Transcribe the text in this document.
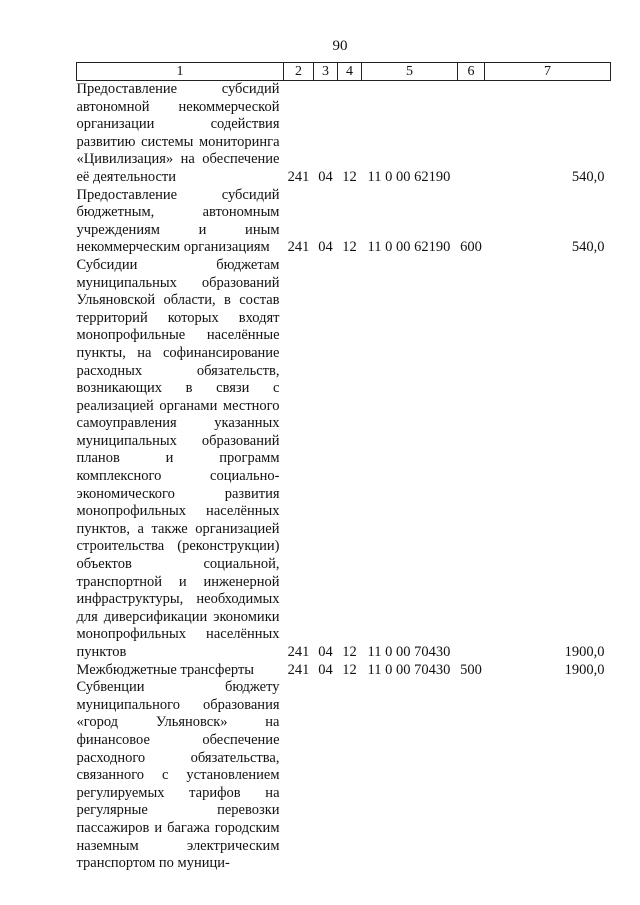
90
1	2	3	4	5	6	7
Предоставление субсидий автономной некоммерческой организации содействия развитию системы мониторинга «Цивилизация» на обеспечение её деятельности	241	04	12	11 0 00 62190		540,0
Предоставление субсидий бюджетным, автономным учреждениям и иным некоммерческим организациям	241	04	12	11 0 00 62190	600	540,0
Субсидии бюджетам муниципальных образований Ульяновской области, в состав территорий которых входят монопрофильные населённые пункты, на софинансирование расходных обязательств, возникающих в связи с реализацией органами местного самоуправления указанных муниципальных образований планов и программ комплексного социально-экономического развития монопрофильных населённых пунктов, а также организацией строительства (реконструкции) объектов социальной, транспортной и инженерной инфраструктуры, необходимых для диверсификации экономики монопрофильных населённых пунктов	241	04	12	11 0 00 70430		1900,0
Межбюджетные трансферты	241	04	12	11 0 00 70430	500	1900,0
Субвенции бюджету муниципального образования «город Ульяновск» на финансовое обеспечение расходного обязательства, связанного с установлением регулируемых тарифов на регулярные перевозки пассажиров и багажа городским наземным электрическим транспортом по муници-						
